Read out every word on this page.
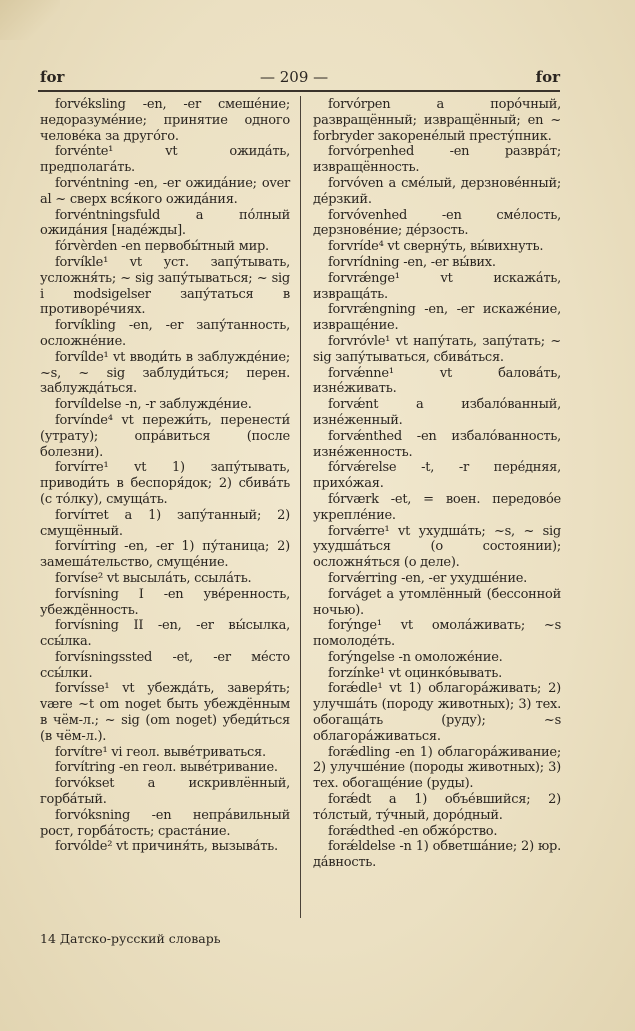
for	— 209 —	for

forvéksling -en, -er смешéние; недоразумéние; принятие одного человéка за другóго.

forvénte¹ vt ожидáть, предполагáть.

forvéntning -en, -er ожидáние; over al ~ сверх вся́кого ожидáния.

forvéntningsfuld a пóлный ожидáния [надéжды].

fórvèrden -en первобы́тный мир.

forvíkle¹ vt уст. запу́тывать, усложня́ть; ~ sig запу́тываться; ~ sig i modsigelser запу́таться в противорéчиях.

forvíkling -en, -er запу́танность, осложнéние.

forvílde¹ vt вводи́ть в заблуждéние; ~s, ~ sig заблуди́ться; перен. заблуждáться.

forvíldelse -n, -r заблуждéние.

forvínde⁴ vt пережи́ть, перенести́ (утрату); опрáвиться (после болезни).

forvírre¹ vt 1) запу́тывать, приводи́ть в беспоря́док; 2) сбивáть (с тóлку), смущáть.

forvírret a 1) запу́танный; 2) смущённый.

forvírring -en, -er 1) пу́таница; 2) замешáтельство, смущéние.

forvíse² vt высылáть, ссылáть.

forvísning I -en увéренность, убеждённость.

forvísning II -en, -er вы́сылка, ссы́лка.

forvísningssted -et, -er мéсто ссы́лки.

forvísse¹ vt убеждáть, заверя́ть; være ~t om noget быть убеждённым в чём-л.; ~ sig (om noget) убеди́ться (в чём-л.).

forvítre¹ vi геол. вывéтриваться.

forvítring -en геол. вывéтривание.

forvókset a искривлённый, горбáтый.

forvóksning -en непрáвильный рост, горбáтость; срастáние.

forvólde² vt причиня́ть, вызывáть.

forvórpen a порóчный, развращённый; извращённый; en ~ forbryder закоренéлый престу́пник.

forvórpenhed -en развpáт; извращённость.

forvóven a смéлый, дерзновéнный; дéрзкий.

forvóvenhed -en смéлость, дерзновéние; дéрзость.

forvríde⁴ vt свернýть, вы́вихнуть.

forvrídning -en, -er вы́вих.

forvrǽnge¹ vt искажáть, извращáть.

forvrǽngning -en, -er искажéние, извращéние.

forvróvle¹ vt напу́тать, запу́тать; ~ sig запу́тываться, сбивáться.

forvǽnne¹ vt баловáть, изнéживать.

forvǽnt a избалóванный, изнéженный.

forvǽnthed -en избалóванность, изнéженность.

fórvǽrelse -t, -r перéдняя, прихóжая.

fórværk -et, = воен. передовóе укреплéние.

forvǽrre¹ vt ухудшáть; ~s, ~ sig ухудшáться (о состоянии); осложня́ться (о деле).

forvǽrring -en, -er ухудшéние.

forváget a утомлённый (бессонной ночью).

forýnge¹ vt омолáживать; ~s помолодéть.

forýngelse -n омоложéние.

forzínke¹ vt оцинкóвывать.

forǽdle¹ vt 1) облагорáживать; 2) улучшáть (породу животных); 3) тех. обогащáть (руду); ~s облагорáживаться.

forǽdling -en 1) облагорáживание; 2) улучшéние (породы животных); 3) тех. обогащéние (руды).

forǽdt a 1) объéвшийся; 2) тóлстый, ту́чный, дорóдный.

forǽdthed -en обжóрство.

forǽldelse -n 1) обветшáние; 2) юр. дáвность.

14 Датско-русский словарь
